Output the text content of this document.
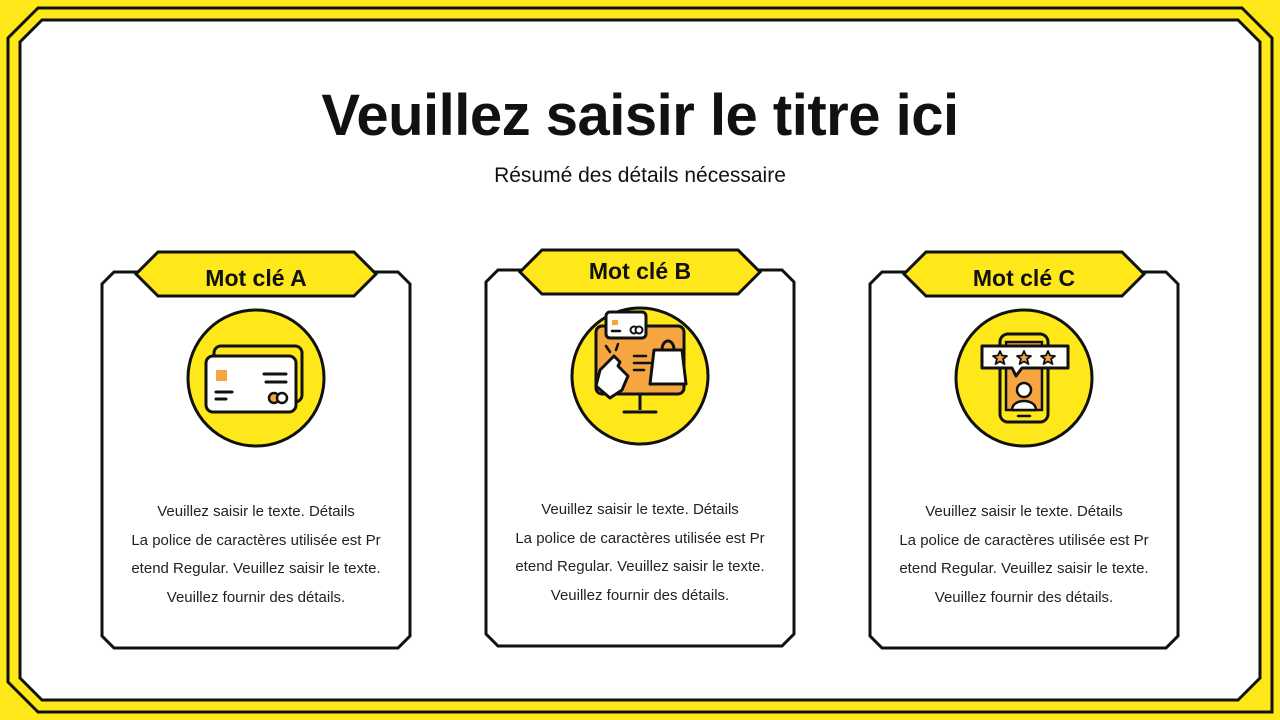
Veuillez saisir le titre ici

Résumé des détails nécessaire

Mot clé A
Veuillez saisir le texte. Détails
La police de caractères utilisée est Pr
etend Regular. Veuillez saisir le texte.
Veuillez fournir des détails.
Mot clé B
Veuillez saisir le texte. Détails
La police de caractères utilisée est Pr
etend Regular. Veuillez saisir le texte.
Veuillez fournir des détails.
Mot clé C
Veuillez saisir le texte. Détails
La police de caractères utilisée est Pr
etend Regular. Veuillez saisir le texte.
Veuillez fournir des détails.
